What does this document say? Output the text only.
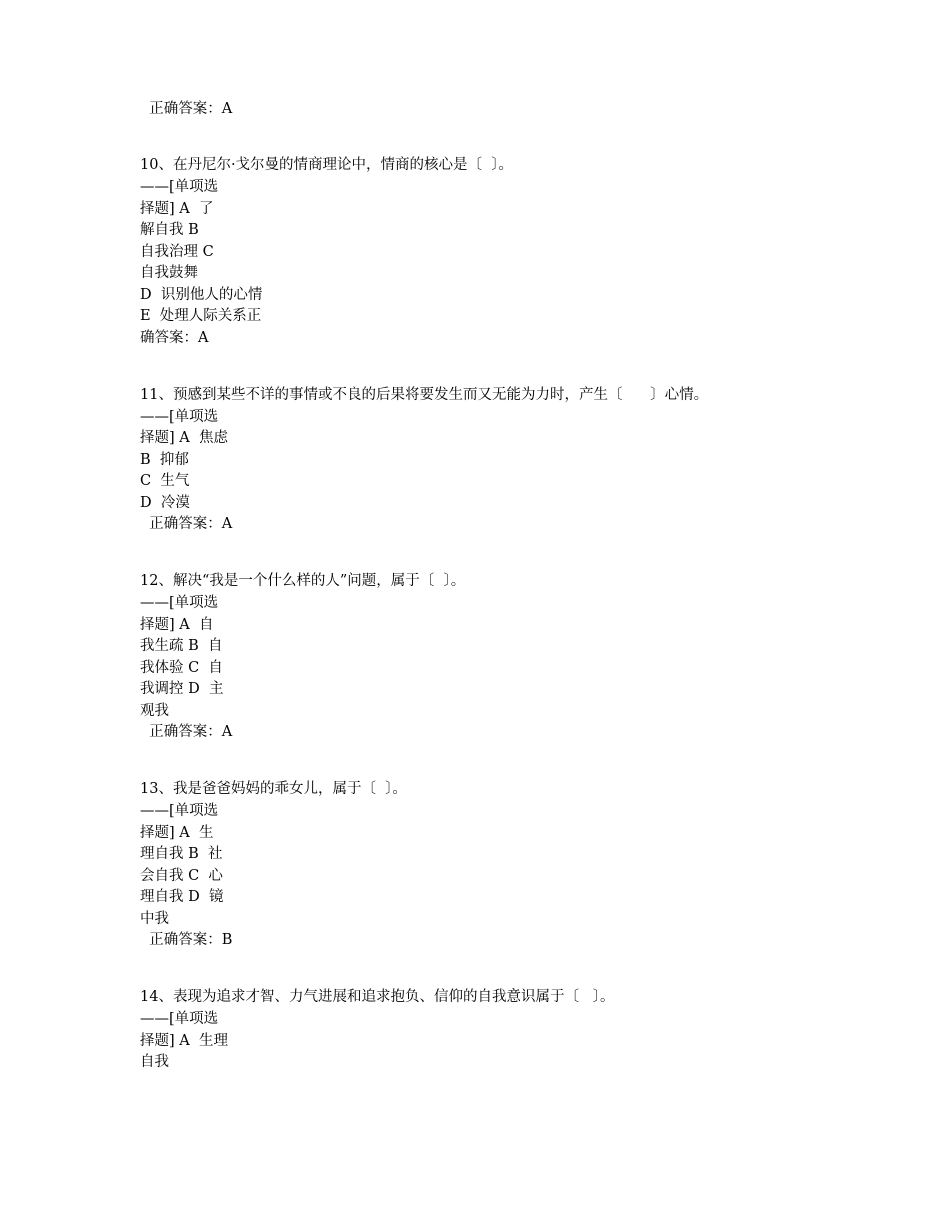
正确答案：A
10、在丹尼尔·戈尔曼的情商理论中，情商的核心是〔  〕。
——[单项选
择题] A  了
解自我 B
自我治理 C
自我鼓舞
D  识别他人的心情
E  处理人际关系正
确答案：A
11、预感到某些不详的事情或不良的后果将要发生而又无能为力时，产生〔      〕心情。
——[单项选
择题] A  焦虑
B  抑郁
C  生气
D  冷漠
正确答案：A
12、解决“我是一个什么样的人”问题，属于〔  〕。
——[单项选
择题] A  自
我生疏 B  自
我体验 C  自
我调控 D  主
观我
正确答案：A
13、我是爸爸妈妈的乖女儿，属于〔  〕。
——[单项选
择题] A  生
理自我 B  社
会自我 C  心
理自我 D  镜
中我
正确答案：B
14、表现为追求才智、力气进展和追求抱负、信仰的自我意识属于〔   〕。
——[单项选
择题] A  生理
自我
